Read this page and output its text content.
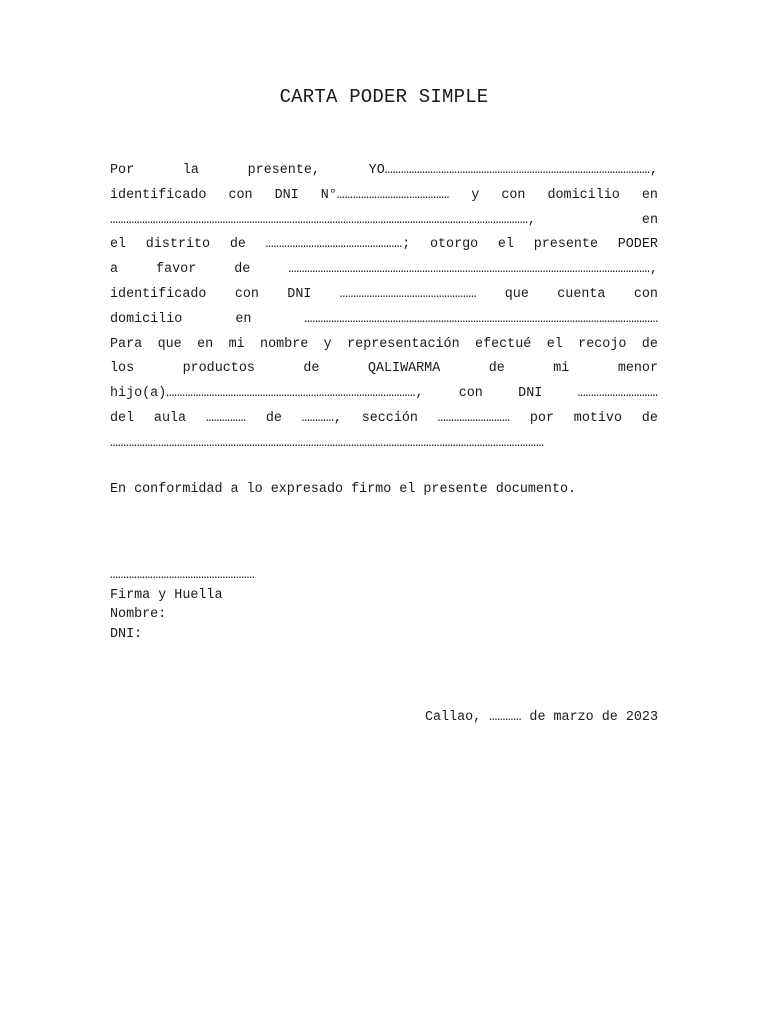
CARTA PODER SIMPLE
Por	la	presente,	YO………………………………………………………………………………………,
identificado con DNI N°…………………………………… y con domicilio en
…………………………………………………………………………………………………………………………………………,	en
el distrito de ……………………………………………; otorgo el presente PODER
a	favor	de	………………………………………………………………………………………………………………………,
identificado con DNI …………………………………………… que cuenta con
domicilio	en	……………………………………………………………………………………………………………………
Para que en mi nombre y representación efectué el recojo de
los	productos	de	QALIWARMA	de	mi	menor
hijo(a)…………………………………………………………………………………,	con	DNI	…………………………
del aula …………… de …………, sección ……………………… por motivo de
………………………………………………………………………………………………………………………………………………
En conformidad a lo expresado firmo el presente documento.
………………………………………………
Firma y Huella
Nombre:
DNI:
Callao, ………… de marzo de 2023
